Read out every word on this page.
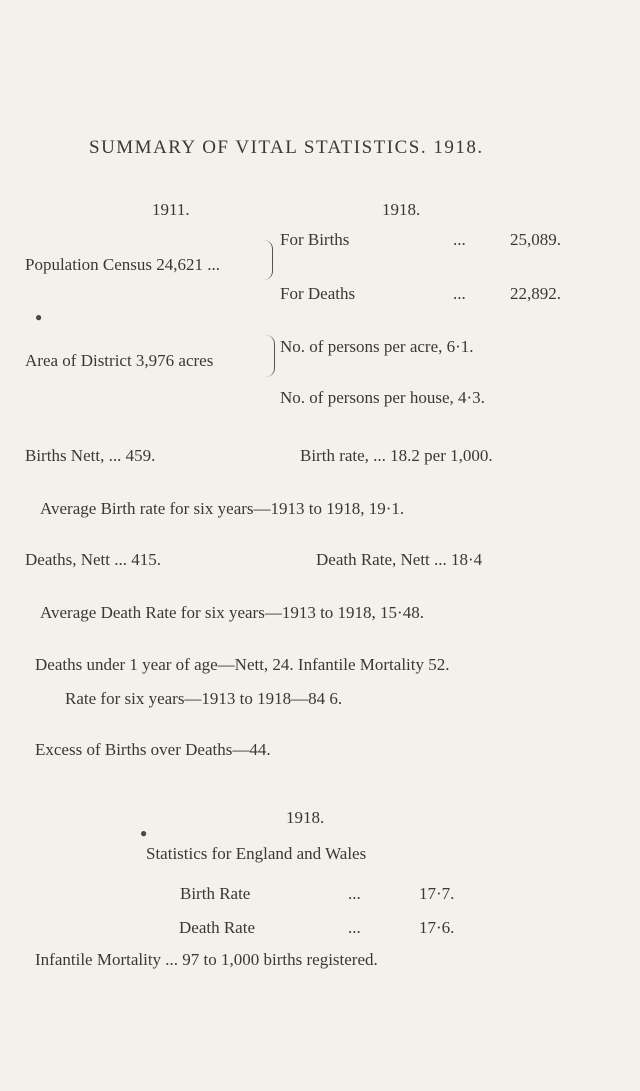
SUMMARY OF VITAL STATISTICS. 1918.
1911.	1918.
Population Census 24,621 ...
For Births	...	25,089.
For Deaths	...	22,892.
●
Area of District 3,976 acres
No. of persons per acre, 6·1.
No. of persons per house, 4·3.
Births Nett, ... 459.	Birth rate, ... 18.2 per 1,000.
Average Birth rate for six years—1913 to 1918, 19·1.
Deaths, Nett ... 415.	Death Rate, Nett ... 18·4
Average Death Rate for six years—1913 to 1918, 15·48.
Deaths under 1 year of age—Nett, 24. Infantile Mortality 52.
Rate for six years—1913 to 1918—84 6.
Excess of Births over Deaths—44.
1918.
●
Statistics for England and Wales
Birth Rate	...	17·7.
Death Rate	...	17·6.
Infantile Mortality ... 97 to 1,000 births registered.
